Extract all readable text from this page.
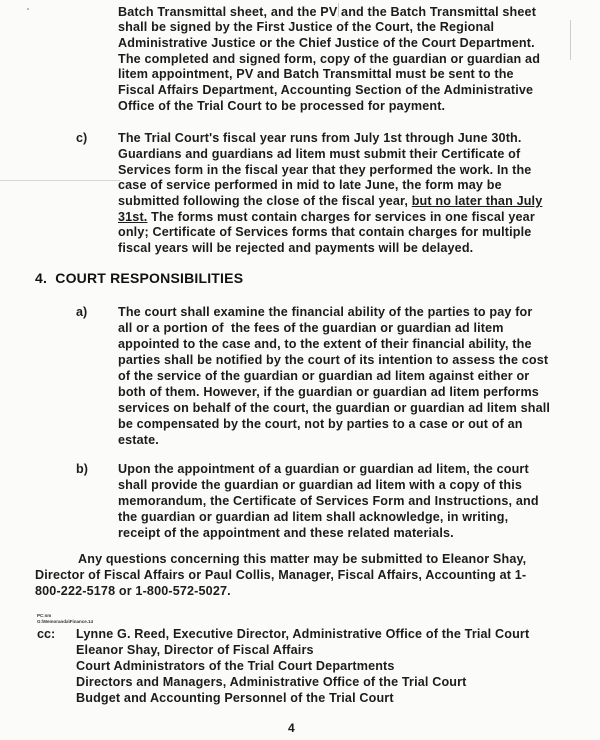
Batch Transmittal sheet, and the PV and the Batch Transmittal sheet
shall be signed by the First Justice of the Court, the Regional
Administrative Justice or the Chief Justice of the Court Department.
The completed and signed form, copy of the guardian or guardian ad
litem appointment, PV and Batch Transmittal must be sent to the
Fiscal Affairs Department, Accounting Section of the Administrative
Office of the Trial Court to be processed for payment.
c) The Trial Court's fiscal year runs from July 1st through June 30th.
Guardians and guardians ad litem must submit their Certificate of
Services form in the fiscal year that they performed the work. In the
case of service performed in mid to late June, the form may be
submitted following the close of the fiscal year, but no later than July
31st. The forms must contain charges for services in one fiscal year
only; Certificate of Services forms that contain charges for multiple
fiscal years will be rejected and payments will be delayed.
4.  COURT RESPONSIBILITIES
a) The court shall examine the financial ability of the parties to pay for
all or a portion of  the fees of the guardian or guardian ad litem
appointed to the case and, to the extent of their financial ability, the
parties shall be notified by the court of its intention to assess the cost
of the service of the guardian or guardian ad litem against either or
both of them. However, if the guardian or guardian ad litem performs
services on behalf of the court, the guardian or guardian ad litem shall
be compensated by the court, not by parties to a case or out of an
estate.
b) Upon the appointment of a guardian or guardian ad litem, the court
shall provide the guardian or guardian ad litem with a copy of this
memorandum, the Certificate of Services Form and Instructions, and
the guardian or guardian ad litem shall acknowledge, in writing,
receipt of the appointment and these related materials.
Any questions concerning this matter may be submitted to Eleanor Shay,
Director of Fiscal Affairs or Paul Collis, Manager, Fiscal Affairs, Accounting at 1-
800-222-5178 or 1-800-572-5027.
PC:sm
G:\Memoranda\Finance.14
cc: Lynne G. Reed, Executive Director, Administrative Office of the Trial Court
Eleanor Shay, Director of Fiscal Affairs
Court Administrators of the Trial Court Departments
Directors and Managers, Administrative Office of the Trial Court
Budget and Accounting Personnel of the Trial Court
4
